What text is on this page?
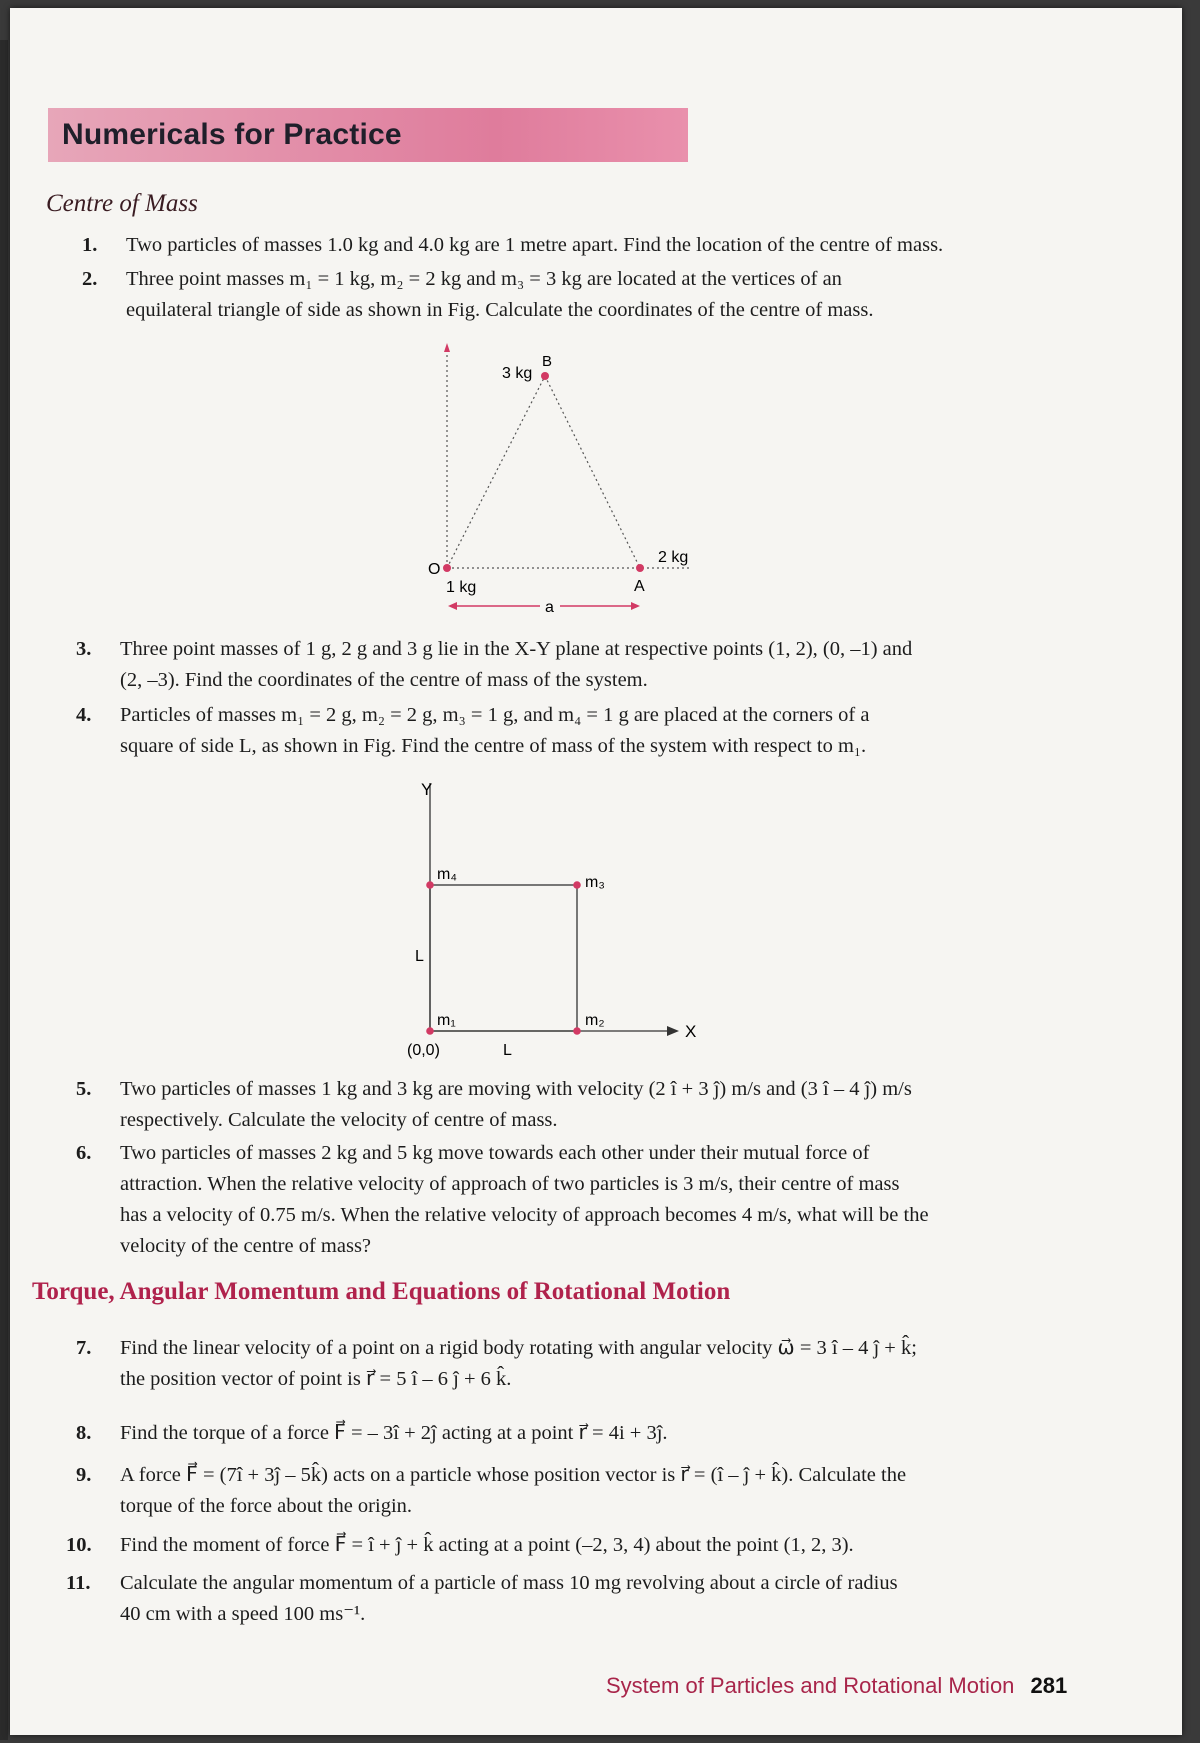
Numericals for Practice
Centre of Mass
1. Two particles of masses 1.0 kg and 4.0 kg are 1 metre apart. Find the location of the centre of mass.
2. Three point masses m₁ = 1 kg, m₂ = 2 kg and m₃ = 3 kg are located at the vertices of an
equilateral triangle of side as shown in Fig. Calculate the coordinates of the centre of mass.
B
3 kg
O
1 kg
2 kg
A
a
3. Three point masses of 1 g, 2 g and 3 g lie in the X-Y plane at respective points (1, 2), (0, –1) and
(2, –3). Find the coordinates of the centre of mass of the system.
4. Particles of masses m₁ = 2 g, m₂ = 2 g, m₃ = 1 g, and m₄ = 1 g are placed at the corners of a
square of side L, as shown in Fig. Find the centre of mass of the system with respect to m₁.
Y
X
m₄	m₃
m₁	m₂
L
L
(0,0)
5. Two particles of masses 1 kg and 3 kg are moving with velocity (2 î + 3 ĵ) m/s and (3 î – 4 ĵ) m/s
respectively. Calculate the velocity of centre of mass.
6. Two particles of masses 2 kg and 5 kg move towards each other under their mutual force of
attraction. When the relative velocity of approach of two particles is 3 m/s, their centre of mass
has a velocity of 0.75 m/s. When the relative velocity of approach becomes 4 m/s, what will be the
velocity of the centre of mass?
Torque, Angular Momentum and Equations of Rotational Motion
7. Find the linear velocity of a point on a rigid body rotating with angular velocity ω⃗ = 3 î – 4 ĵ + k̂;
the position vector of point is r⃗ = 5 î – 6 ĵ + 6 k̂.
8. Find the torque of a force F⃗ = – 3î + 2ĵ acting at a point r⃗ = 4i + 3ĵ.
9. A force F⃗ = (7î + 3ĵ – 5k̂) acts on a particle whose position vector is r⃗ = (î – ĵ + k̂). Calculate the
torque of the force about the origin.
10. Find the moment of force F⃗ = î + ĵ + k̂ acting at a point (–2, 3, 4) about the point (1, 2, 3).
11. Calculate the angular momentum of a particle of mass 10 mg revolving about a circle of radius
40 cm with a speed 100 ms⁻¹.
System of Particles and Rotational Motion 281
